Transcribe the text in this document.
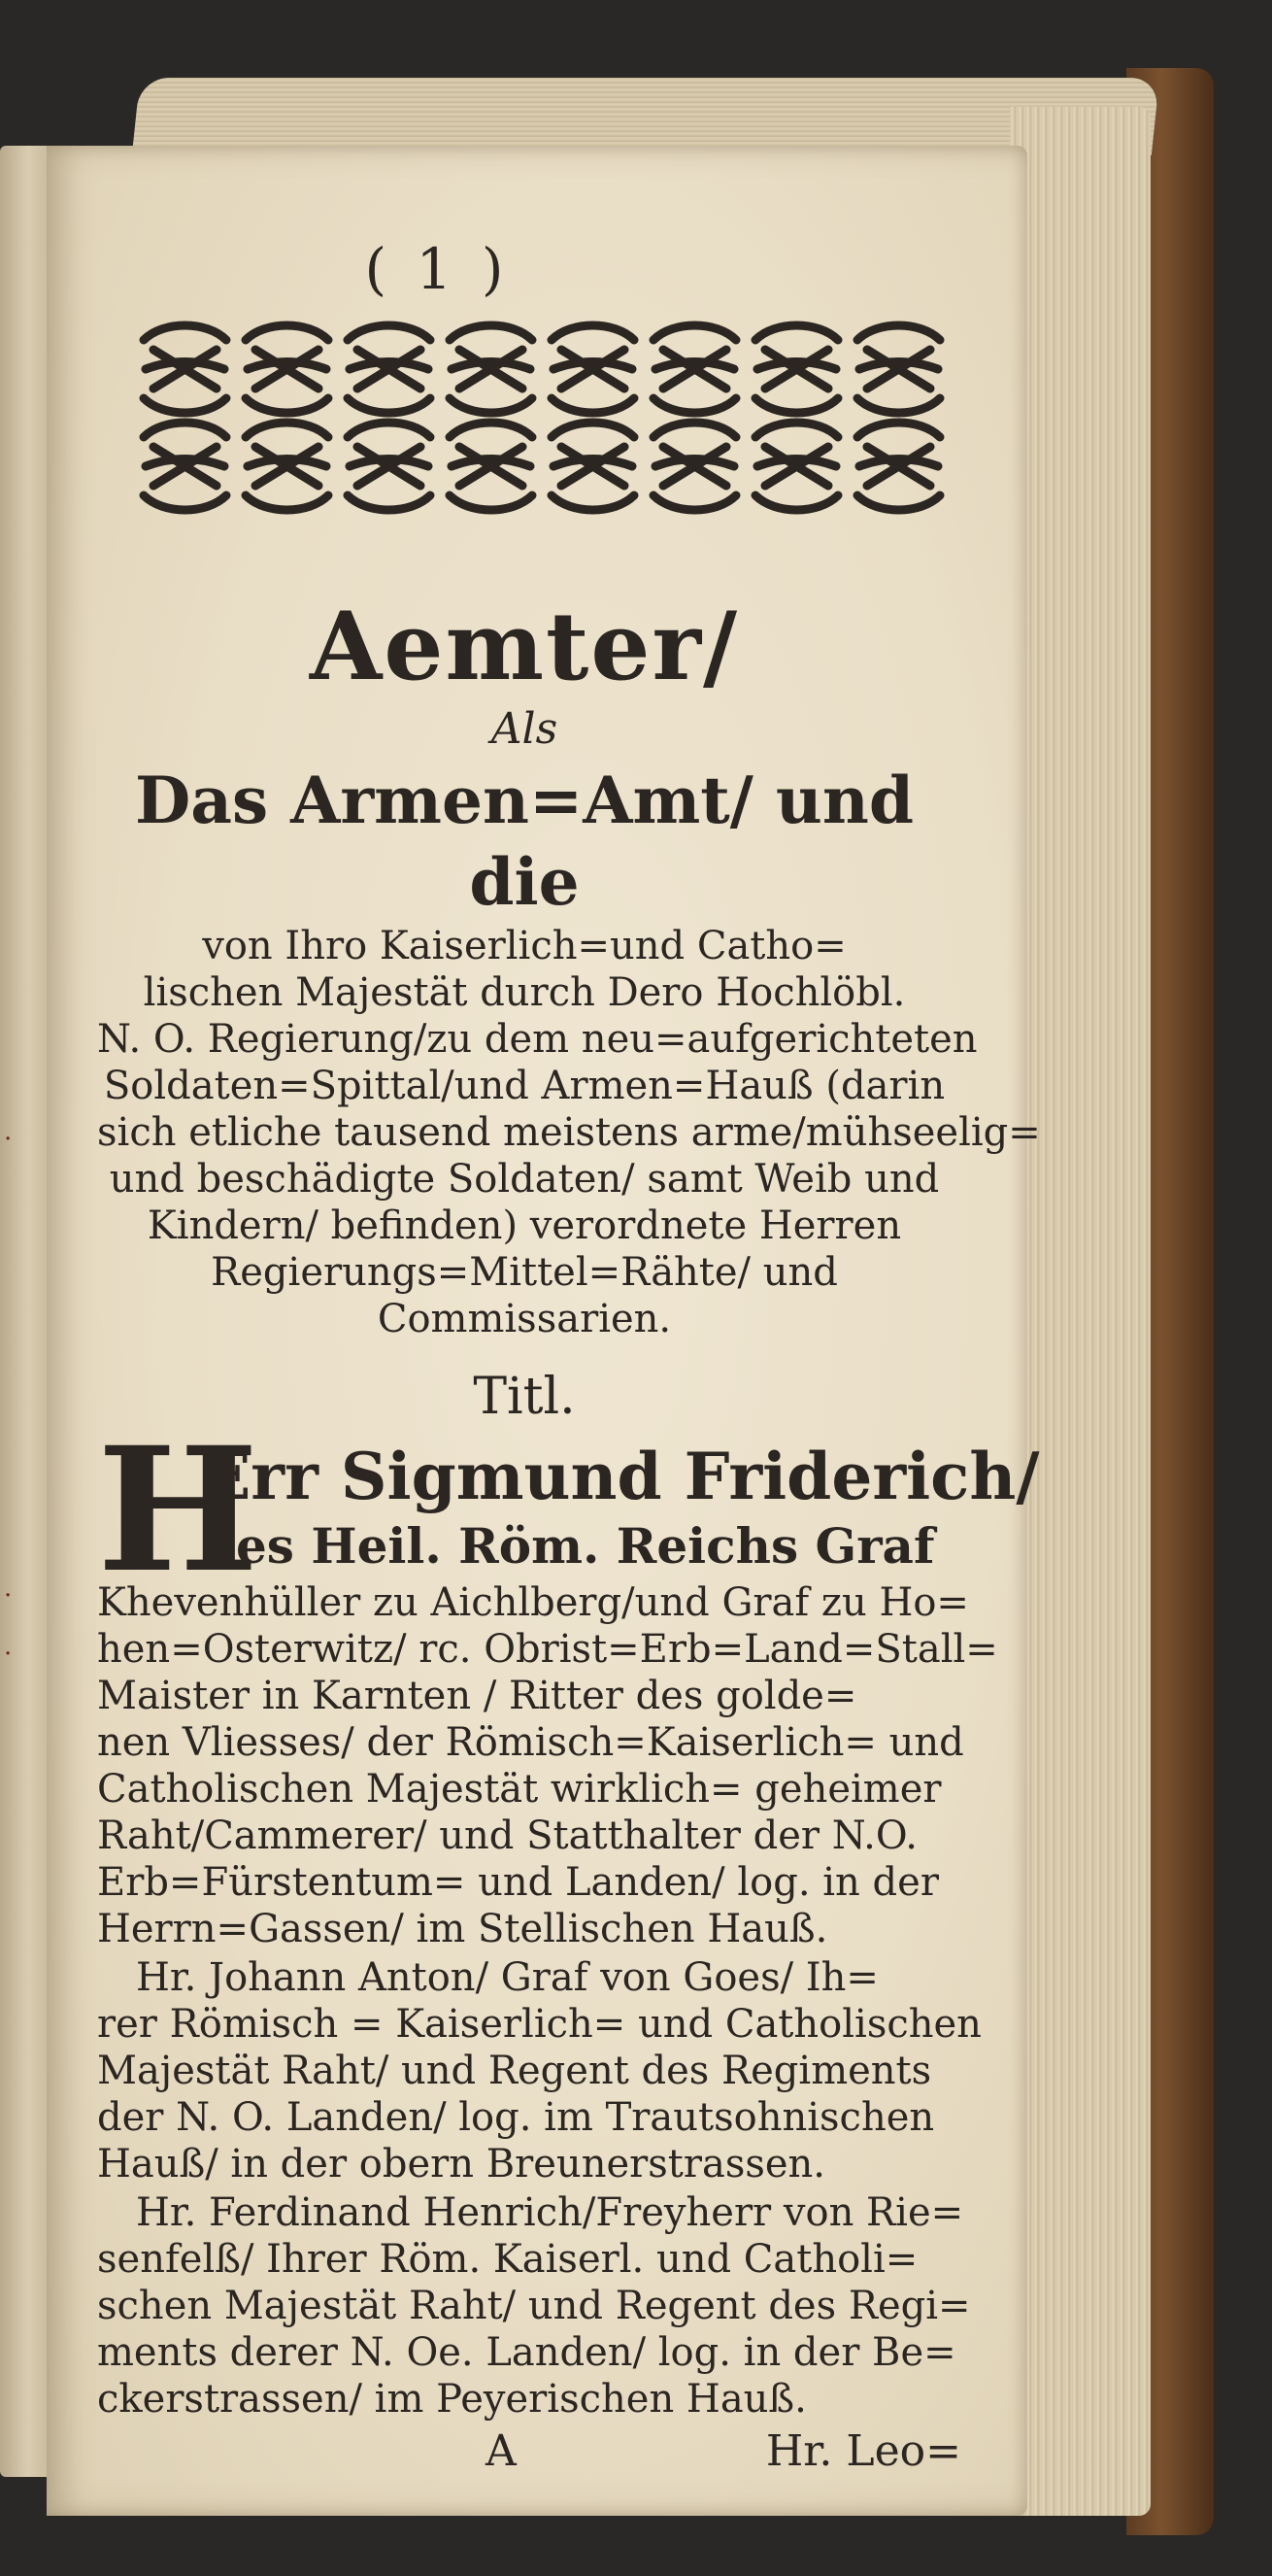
·
·
·
( 1 )
Aemter/
Als
Das Armen=Amt/ und die
von Ihro Kaiserlich=und Catho=
lischen Majestät durch Dero Hochlöbl.
N. O. Regierung/zu dem neu=aufgerichteten
Soldaten=Spittal/und Armen=Hauß (darin
sich etliche tausend meistens arme/mühseelig=
und beschädigte Soldaten/ samt Weib und
Kindern/ befinden) verordnete Herren
Regierungs=Mittel=Rähte/ und
Commissarien.
Titl.
H
Err Sigmund Friderich/
des Heil. Röm. Reichs Graf
Khevenhüller zu Aichlberg/und Graf zu Ho=
hen=Osterwitz/ rc. Obrist=Erb=Land=Stall=
Maister in Karnten / Ritter des golde=
nen Vliesses/ der Römisch=Kaiserlich= und
Catholischen Majestät wirklich= geheimer
Raht/Cammerer/ und Statthalter der N.O.
Erb=Fürstentum= und Landen/ log. in der
Herrn=Gassen/ im Stellischen Hauß.
Hr. Johann Anton/ Graf von Goes/ Ih=
rer Römisch = Kaiserlich= und Catholischen
Majestät Raht/ und Regent des Regiments
der N. O. Landen/ log. im Trautsohnischen
Hauß/ in der obern Breunerstrassen.
Hr. Ferdinand Henrich/Freyherr von Rie=
senfelß/ Ihrer Röm. Kaiserl. und Catholi=
schen Majestät Raht/ und Regent des Regi=
ments derer N. Oe. Landen/ log. in der Be=
ckerstrassen/ im Peyerischen Hauß.
A	Hr. Leo=
